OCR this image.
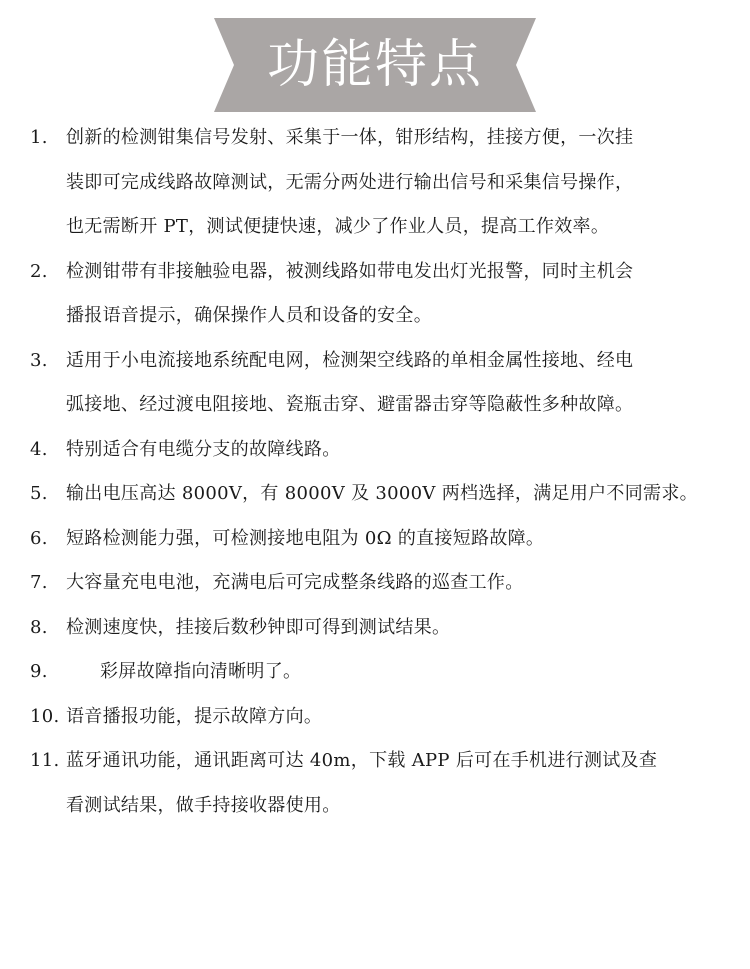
功能特点
1. 创新的检测钳集信号发射、采集于一体，钳形结构，挂接方便，一次挂
装即可完成线路故障测试，无需分两处进行输出信号和采集信号操作，
也无需断开 PT，测试便捷快速，减少了作业人员，提高工作效率。
2. 检测钳带有非接触验电器，被测线路如带电发出灯光报警，同时主机会
播报语音提示，确保操作人员和设备的安全。
3. 适用于小电流接地系统配电网，检测架空线路的单相金属性接地、经电
弧接地、经过渡电阻接地、瓷瓶击穿、避雷器击穿等隐蔽性多种故障。
4. 特别适合有电缆分支的故障线路。
5. 输出电压高达 8000V，有 8000V 及 3000V 两档选择，满足用户不同需求。
6. 短路检测能力强，可检测接地电阻为 0Ω 的直接短路故障。
7. 大容量充电电池，充满电后可完成整条线路的巡查工作。
8. 检测速度快，挂接后数秒钟即可得到测试结果。
9.	彩屏故障指向清晰明了。
10. 语音播报功能，提示故障方向。
11. 蓝牙通讯功能，通讯距离可达 40m，下载 APP 后可在手机进行测试及查
看测试结果，做手持接收器使用。
